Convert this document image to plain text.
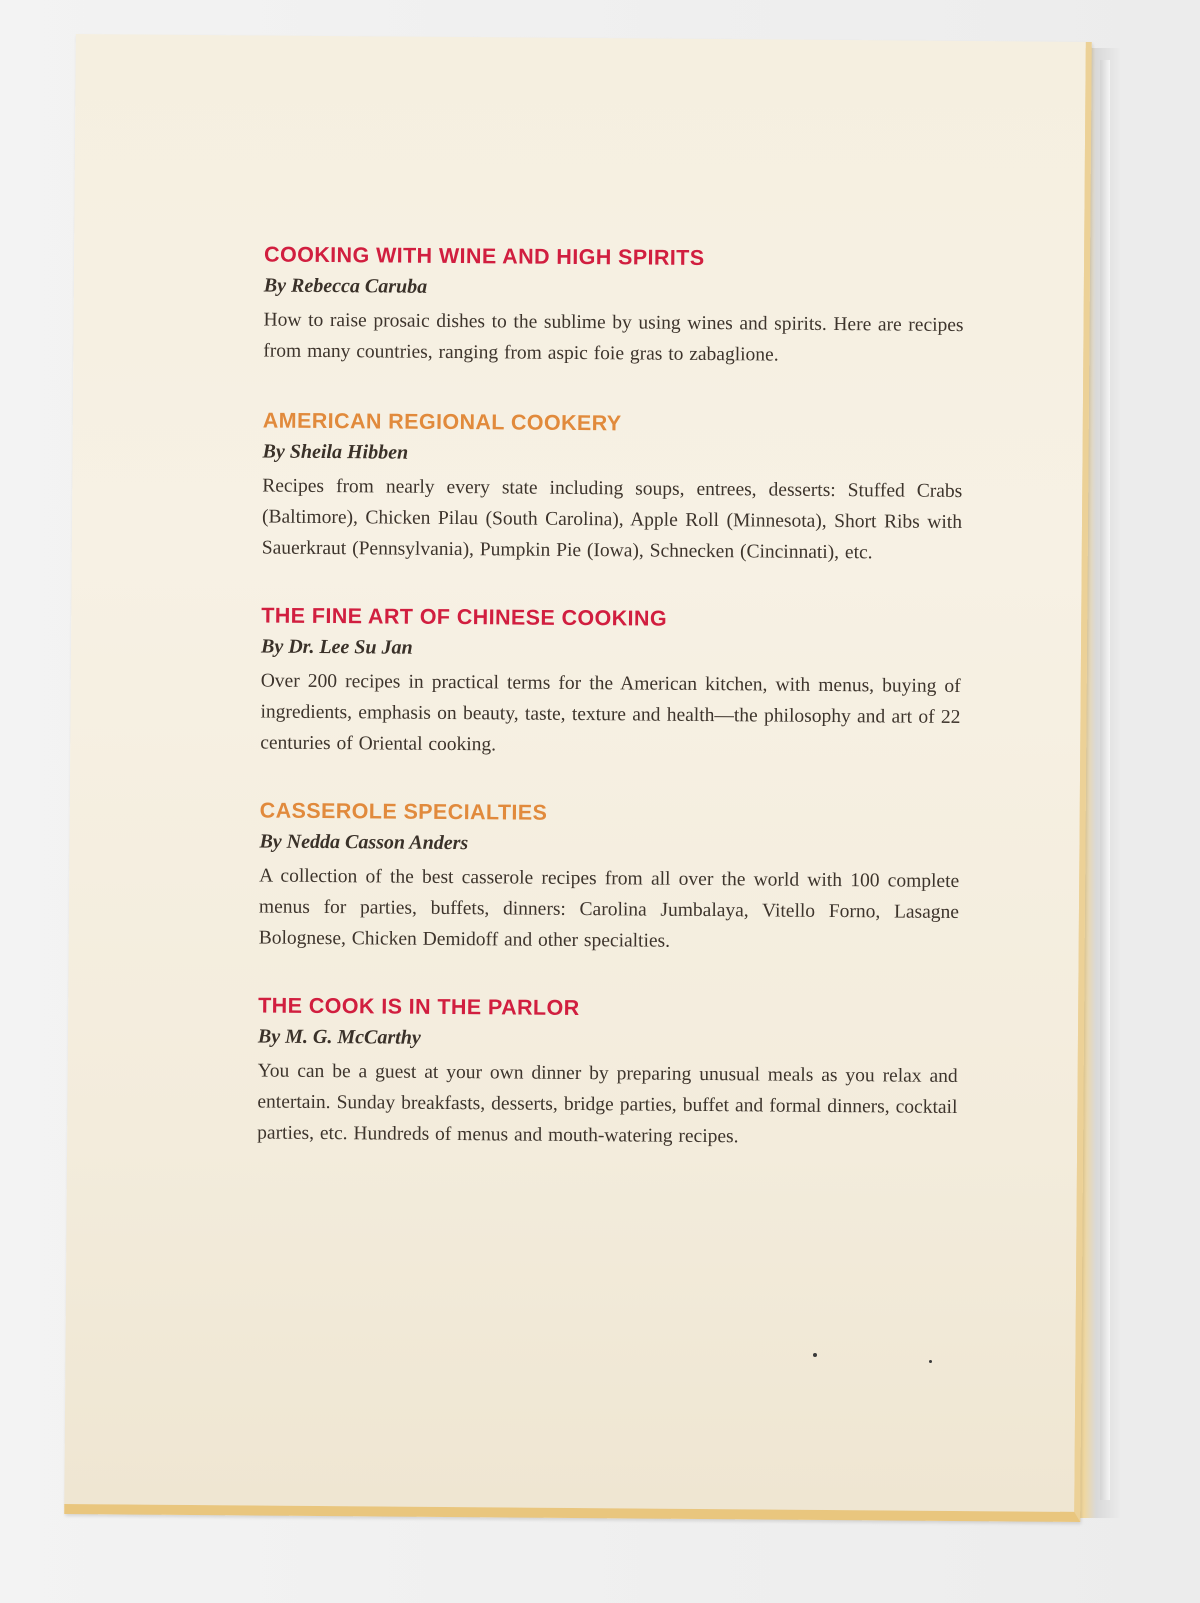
COOKING WITH WINE AND HIGH SPIRITS
By Rebecca Caruba

How to raise prosaic dishes to the sublime by using wines and spirits. Here are recipes from many countries, ranging from aspic foie gras to zabaglione.

AMERICAN REGIONAL COOKERY
By Sheila Hibben

Recipes from nearly every state including soups, entrees, desserts: Stuffed Crabs (Baltimore), Chicken Pilau (South Carolina), Apple Roll (Minnesota), Short Ribs with Sauerkraut (Pennsylvania), Pumpkin Pie (Iowa), Schnecken (Cincinnati), etc.

THE FINE ART OF CHINESE COOKING
By Dr. Lee Su Jan

Over 200 recipes in practical terms for the American kitchen, with menus, buying of ingredients, emphasis on beauty, taste, texture and health—the philosophy and art of 22 centuries of Oriental cooking.

CASSEROLE SPECIALTIES
By Nedda Casson Anders

A collection of the best casserole recipes from all over the world with 100 complete menus for parties, buffets, dinners: Carolina Jumbalaya, Vitello Forno, Lasagne Bolognese, Chicken Demidoff and other specialties.

THE COOK IS IN THE PARLOR
By M. G. McCarthy

You can be a guest at your own dinner by preparing unusual meals as you relax and entertain. Sunday breakfasts, desserts, bridge parties, buffet and formal dinners, cocktail parties, etc. Hundreds of menus and mouth-watering recipes.
